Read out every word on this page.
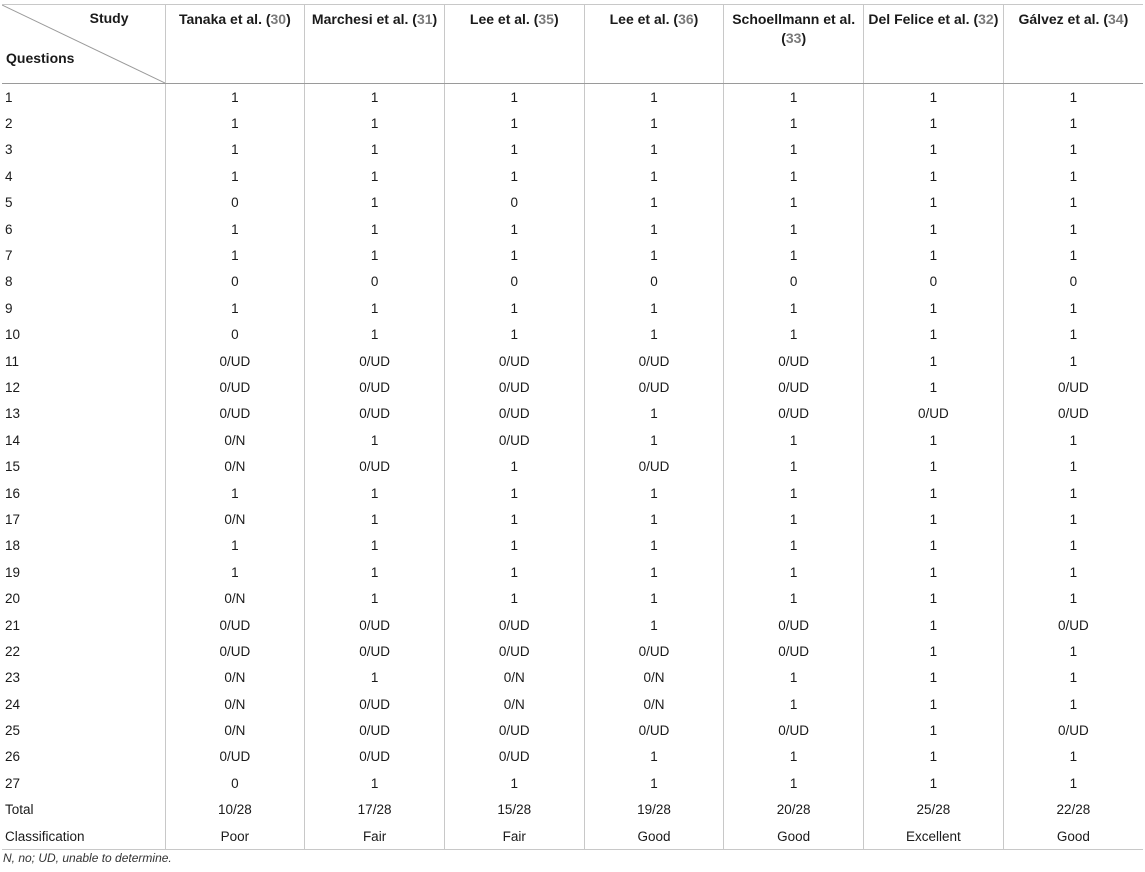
Study
Questions	Tanaka et al. (30)	Marchesi et al. (31)	Lee et al. (35)	Lee et al. (36)	Schoellmann et al. (33)	Del Felice et al. (32)	Gálvez et al. (34)
1	1	1	1	1	1	1	1
2	1	1	1	1	1	1	1
3	1	1	1	1	1	1	1
4	1	1	1	1	1	1	1
5	0	1	0	1	1	1	1
6	1	1	1	1	1	1	1
7	1	1	1	1	1	1	1
8	0	0	0	0	0	0	0
9	1	1	1	1	1	1	1
10	0	1	1	1	1	1	1
11	0/UD	0/UD	0/UD	0/UD	0/UD	1	1
12	0/UD	0/UD	0/UD	0/UD	0/UD	1	0/UD
13	0/UD	0/UD	0/UD	1	0/UD	0/UD	0/UD
14	0/N	1	0/UD	1	1	1	1
15	0/N	0/UD	1	0/UD	1	1	1
16	1	1	1	1	1	1	1
17	0/N	1	1	1	1	1	1
18	1	1	1	1	1	1	1
19	1	1	1	1	1	1	1
20	0/N	1	1	1	1	1	1
21	0/UD	0/UD	0/UD	1	0/UD	1	0/UD
22	0/UD	0/UD	0/UD	0/UD	0/UD	1	1
23	0/N	1	0/N	0/N	1	1	1
24	0/N	0/UD	0/N	0/N	1	1	1
25	0/N	0/UD	0/UD	0/UD	0/UD	1	0/UD
26	0/UD	0/UD	0/UD	1	1	1	1
27	0	1	1	1	1	1	1
Total	10/28	17/28	15/28	19/28	20/28	25/28	22/28
Classification	Poor	Fair	Fair	Good	Good	Excellent	Good
N, no; UD, unable to determine.
